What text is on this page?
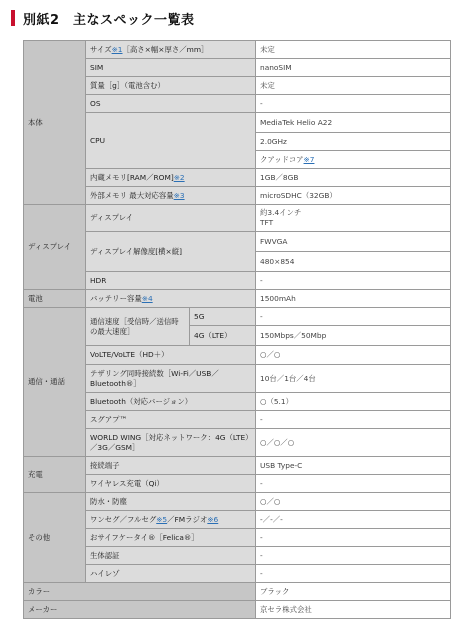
別紙2　主なスペック一覧表
本体	サイズ※1［高さ×幅×厚さ／mm］		未定
	SIM		nanoSIM
	質量［g］（電池含む）		未定
	OS		-
	CPU		MediaTek Helio A22
			2.0GHz
			クアッドコア※7
	内蔵メモリ[RAM／ROM]※2		1GB／8GB
	外部メモリ 最大対応容量※3		microSDHC（32GB）
ディスプレイ	ディスプレイ		約3.4インチ
TFT

	ディスプレイ解像度[横×縦]		FWVGA
			480×854
	HDR		-
電池	バッテリー容量※4		1500mAh
通信・通話	通信速度［受信時／送信時の最大速度］	5G	-
		4G（LTE）	150Mbps／50Mbp
	VoLTE/VoLTE（HD＋）		○／○
	テザリング同時接続数［Wi-Fi／USB／Bluetooth®］		10台／1台／4台
	Bluetooth（対応バージョン）		○（5.1）
	スグアプ™		-
	WORLD WING［対応ネットワーク：4G（LTE）／3G／GSM］		○／○／○
充電	接続端子		USB Type-C
	ワイヤレス充電（Qi）		-
その他	防水・防塵		○／○
	ワンセグ／フルセグ※5／FMラジオ※6		-／-／-
	おサイフケータイ®［Felica®］		-
	生体認証		-
	ハイレゾ		-
カラー			ブラック
メーカー			京セラ株式会社
